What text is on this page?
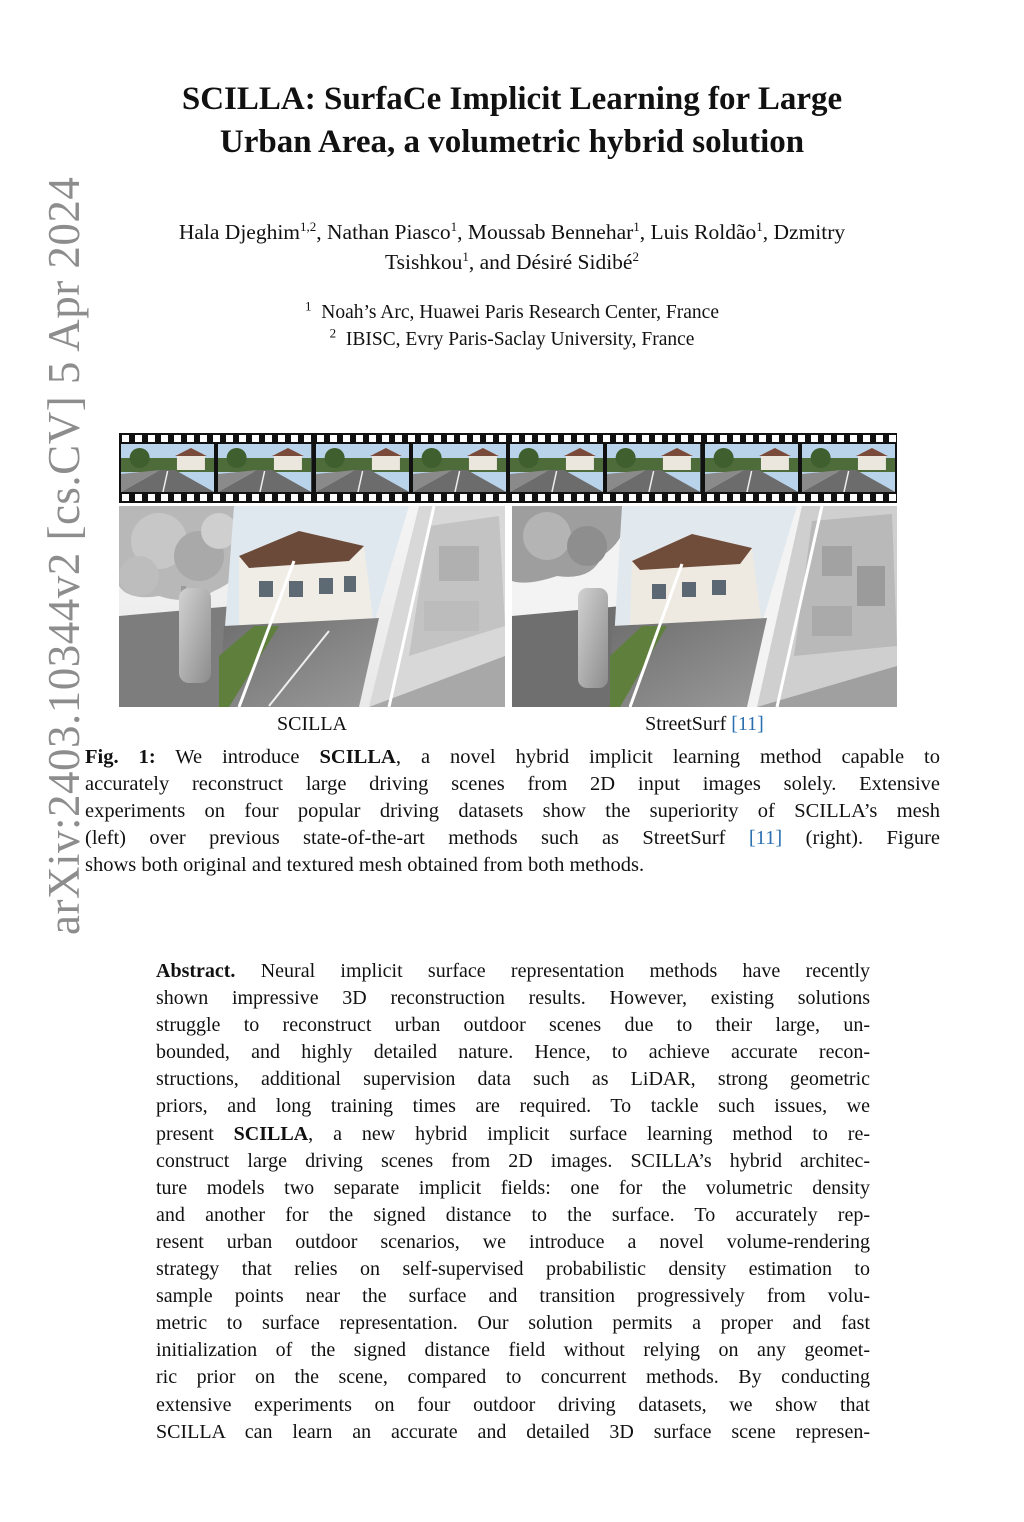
arXiv:2403.10344v2 [cs.CV] 5 Apr 2024
SCILLA: SurfaCe Implicit Learning for Large
Urban Area, a volumetric hybrid solution
Hala Djeghim$^{1,2}$, Nathan Piasco$^1$, Moussab Bennehar$^1$, Luis Roldão$^1$, Dzmitry
Tsishkou$^1$, and Désiré Sidibé$^2$
$^1$ Noah’s Arc, Huawei Paris Research Center, France
$^2$ IBISC, Evry Paris-Saclay University, France
SCILLA	StreetSurf [11]
Fig. 1: We introduce SCILLA, a novel hybrid implicit learning method capable to
accurately reconstruct large driving scenes from 2D input images solely. Extensive
experiments on four popular driving datasets show the superiority of SCILLA’s mesh
(left) over previous state-of-the-art methods such as StreetSurf [11] (right). Figure
shows both original and textured mesh obtained from both methods.
Abstract. Neural implicit surface representation methods have recently
shown impressive 3D reconstruction results. However, existing solutions
struggle to reconstruct urban outdoor scenes due to their large, un-
bounded, and highly detailed nature. Hence, to achieve accurate recon-
structions, additional supervision data such as LiDAR, strong geometric
priors, and long training times are required. To tackle such issues, we
present SCILLA, a new hybrid implicit surface learning method to re-
construct large driving scenes from 2D images. SCILLA’s hybrid architec-
ture models two separate implicit fields: one for the volumetric density
and another for the signed distance to the surface. To accurately rep-
resent urban outdoor scenarios, we introduce a novel volume-rendering
strategy that relies on self-supervised probabilistic density estimation to
sample points near the surface and transition progressively from volu-
metric to surface representation. Our solution permits a proper and fast
initialization of the signed distance field without relying on any geomet-
ric prior on the scene, compared to concurrent methods. By conducting
extensive experiments on four outdoor driving datasets, we show that
SCILLA can learn an accurate and detailed 3D surface scene represen-
